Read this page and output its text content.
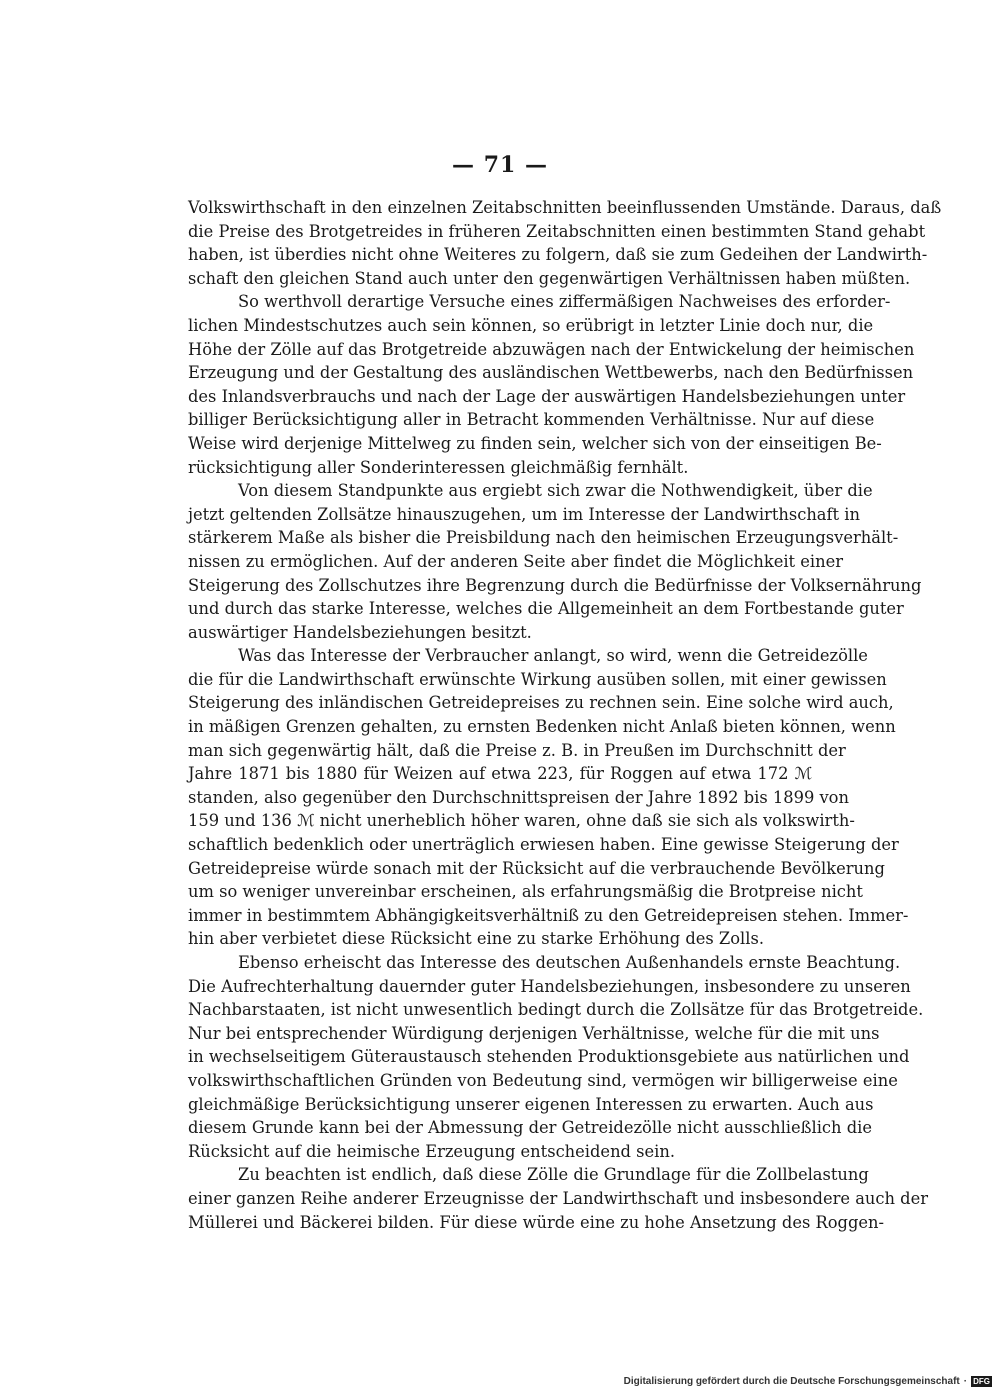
— 71 —
Volkswirthschaft in den einzelnen Zeitabschnitten beeinflussenden Umstände. Daraus, daß
die Preise des Brotgetreides in früheren Zeitabschnitten einen bestimmten Stand gehabt
haben, ist überdies nicht ohne Weiteres zu folgern, daß sie zum Gedeihen der Landwirth-
schaft den gleichen Stand auch unter den gegenwärtigen Verhältnissen haben müßten.
So werthvoll derartige Versuche eines ziffermäßigen Nachweises des erforder-
lichen Mindestschutzes auch sein können, so erübrigt in letzter Linie doch nur, die
Höhe der Zölle auf das Brotgetreide abzuwägen nach der Entwickelung der heimischen
Erzeugung und der Gestaltung des ausländischen Wettbewerbs, nach den Bedürfnissen
des Inlandsverbrauchs und nach der Lage der auswärtigen Handelsbeziehungen unter
billiger Berücksichtigung aller in Betracht kommenden Verhältnisse. Nur auf diese
Weise wird derjenige Mittelweg zu finden sein, welcher sich von der einseitigen Be-
rücksichtigung aller Sonderinteressen gleichmäßig fernhält.
Von diesem Standpunkte aus ergiebt sich zwar die Nothwendigkeit, über die
jetzt geltenden Zollsätze hinauszugehen, um im Interesse der Landwirthschaft in
stärkerem Maße als bisher die Preisbildung nach den heimischen Erzeugungsverhält-
nissen zu ermöglichen. Auf der anderen Seite aber findet die Möglichkeit einer
Steigerung des Zollschutzes ihre Begrenzung durch die Bedürfnisse der Volksernährung
und durch das starke Interesse, welches die Allgemeinheit an dem Fortbestande guter
auswärtiger Handelsbeziehungen besitzt.
Was das Interesse der Verbraucher anlangt, so wird, wenn die Getreidezölle
die für die Landwirthschaft erwünschte Wirkung ausüben sollen, mit einer gewissen
Steigerung des inländischen Getreidepreises zu rechnen sein. Eine solche wird auch,
in mäßigen Grenzen gehalten, zu ernsten Bedenken nicht Anlaß bieten können, wenn
man sich gegenwärtig hält, daß die Preise z. B. in Preußen im Durchschnitt der
Jahre 1871 bis 1880 für Weizen auf etwa 223, für Roggen auf etwa 172 ℳ
standen, also gegenüber den Durchschnittspreisen der Jahre 1892 bis 1899 von
159 und 136 ℳ nicht unerheblich höher waren, ohne daß sie sich als volkswirth-
schaftlich bedenklich oder unerträglich erwiesen haben. Eine gewisse Steigerung der
Getreidepreise würde sonach mit der Rücksicht auf die verbrauchende Bevölkerung
um so weniger unvereinbar erscheinen, als erfahrungsmäßig die Brotpreise nicht
immer in bestimmtem Abhängigkeitsverhältniß zu den Getreidepreisen stehen. Immer-
hin aber verbietet diese Rücksicht eine zu starke Erhöhung des Zolls.
Ebenso erheischt das Interesse des deutschen Außenhandels ernste Beachtung.
Die Aufrechterhaltung dauernder guter Handelsbeziehungen, insbesondere zu unseren
Nachbarstaaten, ist nicht unwesentlich bedingt durch die Zollsätze für das Brotgetreide.
Nur bei entsprechender Würdigung derjenigen Verhältnisse, welche für die mit uns
in wechselseitigem Güteraustausch stehenden Produktionsgebiete aus natürlichen und
volkswirthschaftlichen Gründen von Bedeutung sind, vermögen wir billigerweise eine
gleichmäßige Berücksichtigung unserer eigenen Interessen zu erwarten. Auch aus
diesem Grunde kann bei der Abmessung der Getreidezölle nicht ausschließlich die
Rücksicht auf die heimische Erzeugung entscheidend sein.
Zu beachten ist endlich, daß diese Zölle die Grundlage für die Zollbelastung
einer ganzen Reihe anderer Erzeugnisse der Landwirthschaft und insbesondere auch der
Müllerei und Bäckerei bilden. Für diese würde eine zu hohe Ansetzung des Roggen-
Digitalisierung gefördert durch die Deutsche Forschungsgemeinschaft · DFG
